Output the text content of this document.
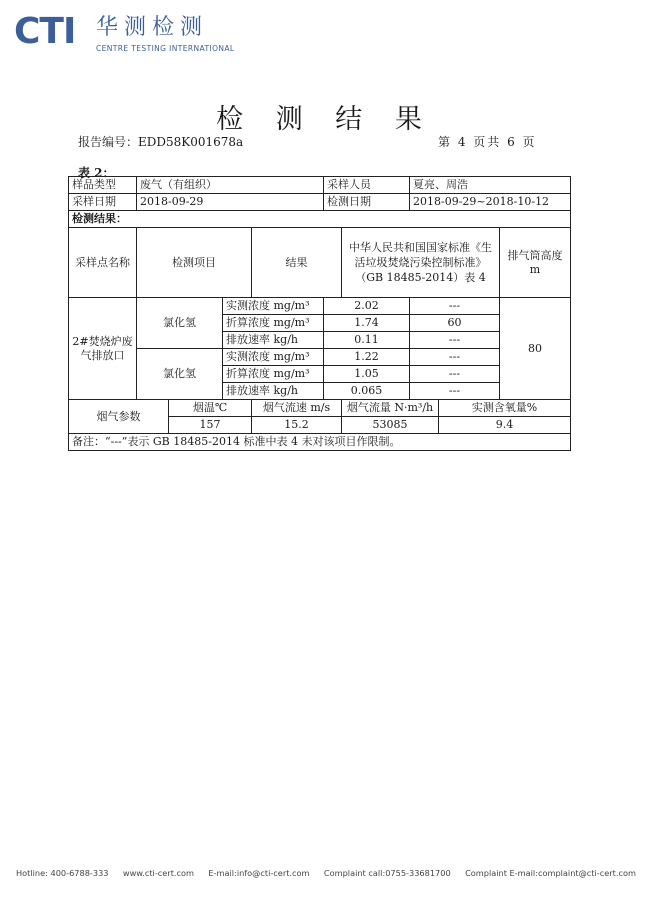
CTI 华测检测
CENTRE TESTING INTERNATIONAL
检 测 结 果
报告编号：EDD58K001678a	第 4 页共 6 页
表 2：
样品类型	废气（有组织）				采样人员		夏亮、周浩		
采样日期	2018-09-29				检测日期		2018-09-29~2018-10-12		
检测结果：									
采样点名称	检测项目			结果		中华人民共和国国家标准《生活垃圾焚烧污染控制标准》（GB 18485-2014）表 4			排气筒高度 m
2#焚烧炉废气排放口	氯化氢		实测浓度 mg/m³		2.02		---		80
			折算浓度 mg/m³		1.74		60		
			排放速率 kg/h		0.11		---		
	氯化氢		实测浓度 mg/m³		1.22		---		
			折算浓度 mg/m³		1.05		---		
			排放速率 kg/h		0.065		---		
烟气参数		烟温℃		烟气流速 m/s		烟气流量 N·m³/h		实测含氧量%	
		157		15.2		53085		9.4	
备注：“---”表示 GB 18485-2014 标准中表 4 未对该项目作限制。									
Hotline: 400-6788-333 www.cti-cert.com E-mail:info@cti-cert.com Complaint call:0755-33681700 Complaint E-mail:complaint@cti-cert.com
